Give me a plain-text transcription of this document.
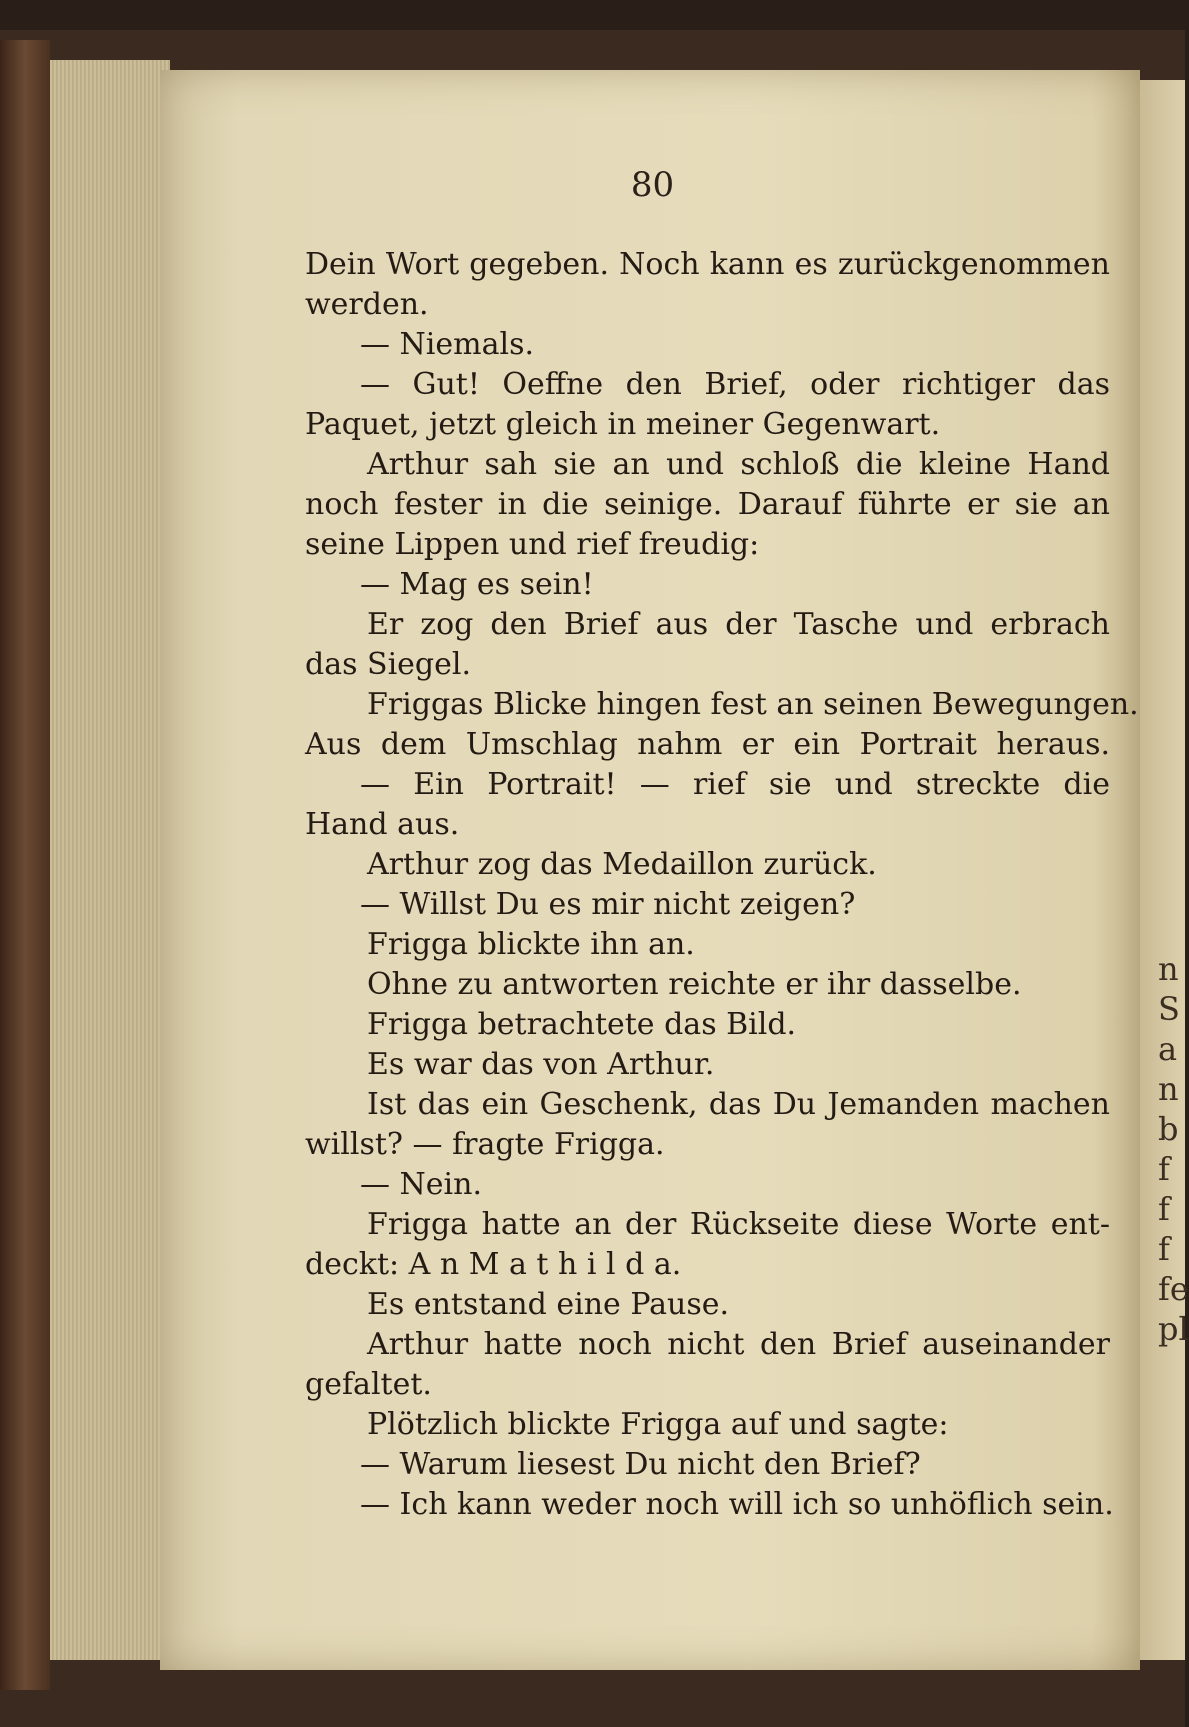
n
S
a
n
b
f
f
f
fe
pl
80
Dein Wort gegeben. Noch kann es zurückgenommen
werden.
— Niemals.
— Gut! Oeffne den Brief, oder richtiger das
Paquet, jetzt gleich in meiner Gegenwart.
Arthur sah sie an und schloß die kleine Hand
noch fester in die seinige. Darauf führte er sie an
seine Lippen und rief freudig:
— Mag es sein!
Er zog den Brief aus der Tasche und erbrach
das Siegel.
Friggas Blicke hingen fest an seinen Bewegungen.
Aus dem Umschlag nahm er ein Portrait heraus.
— Ein Portrait! — rief sie und streckte die
Hand aus.
Arthur zog das Medaillon zurück.
— Willst Du es mir nicht zeigen?
Frigga blickte ihn an.
Ohne zu antworten reichte er ihr dasselbe.
Frigga betrachtete das Bild.
Es war das von Arthur.
Ist das ein Geschenk, das Du Jemanden machen
willst? — fragte Frigga.
— Nein.
Frigga hatte an der Rückseite diese Worte ent-
deckt: A n M a t h i l d a.
Es entstand eine Pause.
Arthur hatte noch nicht den Brief auseinander
gefaltet.
Plötzlich blickte Frigga auf und sagte:
— Warum liesest Du nicht den Brief?
— Ich kann weder noch will ich so unhöflich sein.
